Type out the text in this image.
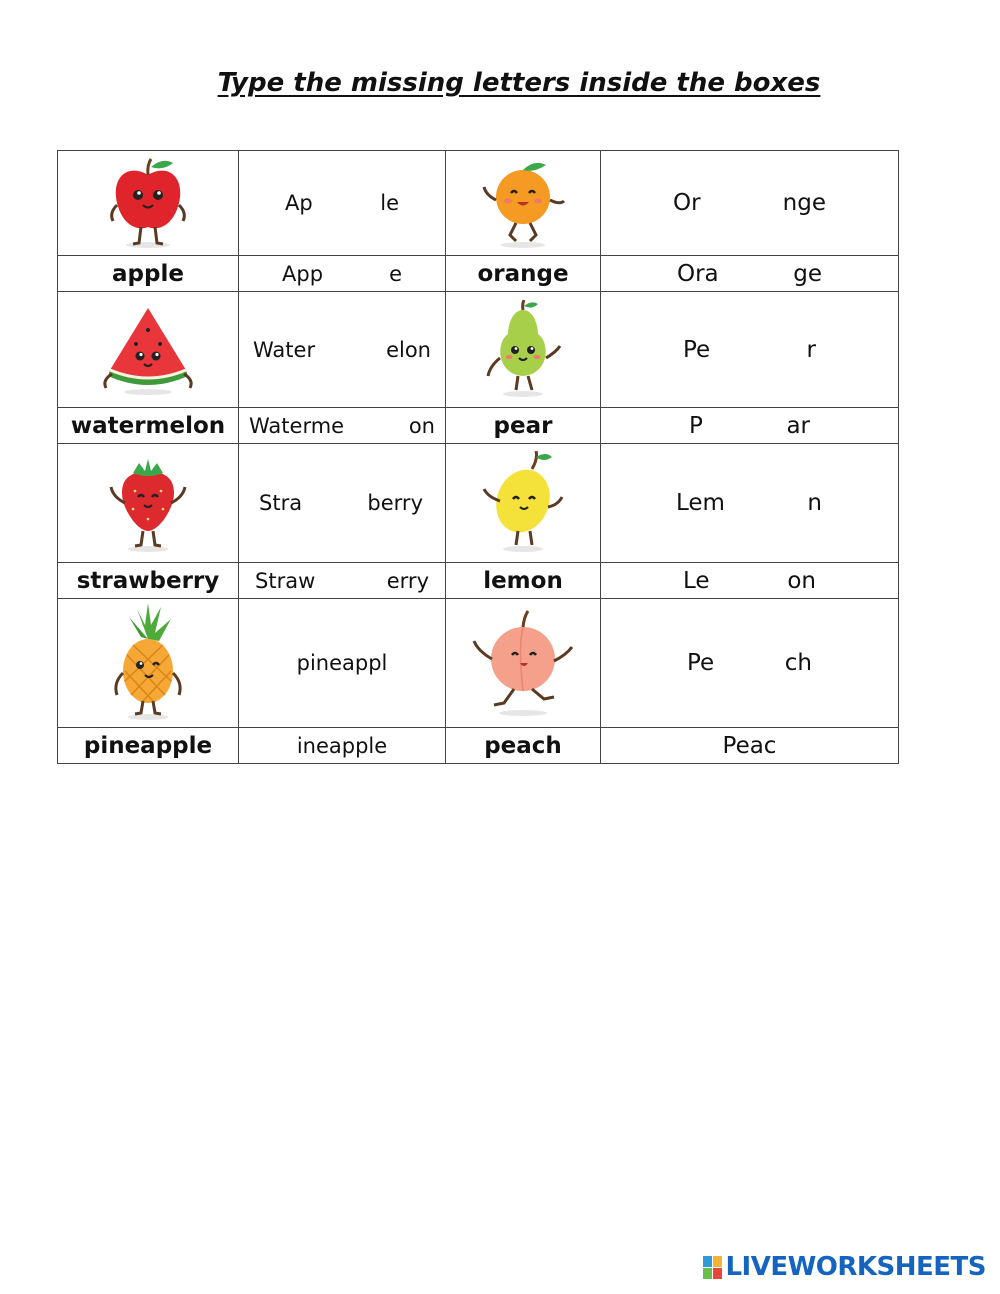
Type the missing letters inside the boxes

Ap le		Or nge

apple	App e	orange	Ora ge

Water elon		Pe r

watermelon	Waterme on	pear	P ar

Stra berry		Lem n

strawberry	Straw erry	lemon	Le on

	pineappl		Pe ch

pineapple	ineapple	peach	Peac
LIVEWORKSHEETS
